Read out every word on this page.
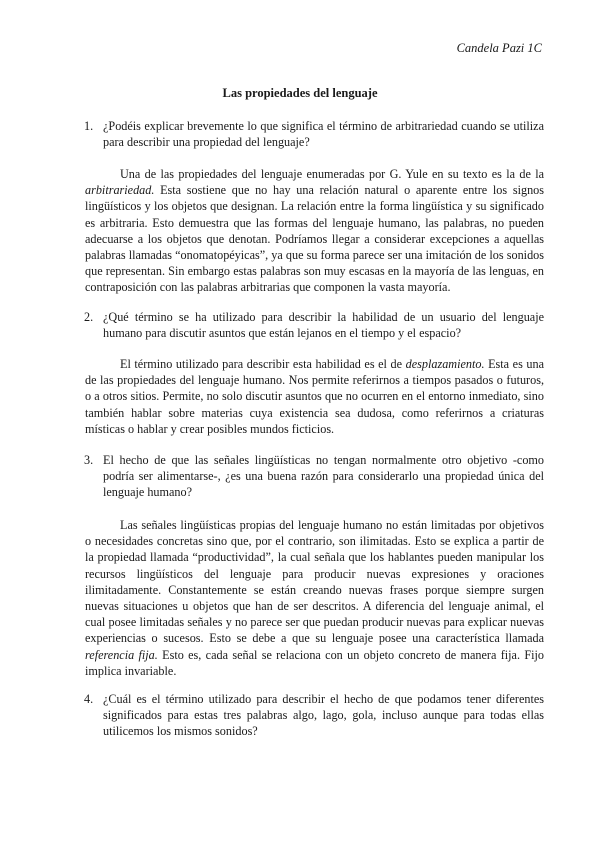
Candela Pazi 1C
Las propiedades del lenguaje
1. ¿Podéis explicar brevemente lo que significa el término de arbitrariedad cuando se utiliza para describir una propiedad del lenguaje?
Una de las propiedades del lenguaje enumeradas por G. Yule en su texto es la de la arbitrariedad. Esta sostiene que no hay una relación natural o aparente entre los signos lingüísticos y los objetos que designan. La relación entre la forma lingüística y su significado es arbitraria. Esto demuestra que las formas del lenguaje humano, las palabras, no pueden adecuarse a los objetos que denotan. Podríamos llegar a considerar excepciones a aquellas palabras llamadas “onomatopéyicas”, ya que su forma parece ser una imitación de los sonidos que representan. Sin embargo estas palabras son muy escasas en la mayoría de las lenguas, en contraposición con las palabras arbitrarias que componen la vasta mayoría.
2. ¿Qué término se ha utilizado para describir la habilidad de un usuario del lenguaje humano para discutir asuntos que están lejanos en el tiempo y el espacio?
El término utilizado para describir esta habilidad es el de desplazamiento. Esta es una de las propiedades del lenguaje humano. Nos permite referirnos a tiempos pasados o futuros, o a otros sitios. Permite, no solo discutir asuntos que no ocurren en el entorno inmediato, sino también hablar sobre materias cuya existencia sea dudosa, como referirnos a criaturas místicas o hablar y crear posibles mundos ficticios.
3. El hecho de que las señales lingüísticas no tengan normalmente otro objetivo -como podría ser alimentarse-, ¿es una buena razón para considerarlo una propiedad única del lenguaje humano?
Las señales lingüísticas propias del lenguaje humano no están limitadas por objetivos o necesidades concretas sino que, por el contrario, son ilimitadas. Esto se explica a partir de la propiedad llamada “productividad”, la cual señala que los hablantes pueden manipular los recursos lingüísticos del lenguaje para producir nuevas expresiones y oraciones ilimitadamente. Constantemente se están creando nuevas frases porque siempre surgen nuevas situaciones u objetos que han de ser descritos. A diferencia del lenguaje animal, el cual posee limitadas señales y no parece ser que puedan producir nuevas para explicar nuevas experiencias o sucesos. Esto se debe a que su lenguaje posee una característica llamada referencia fija. Esto es, cada señal se relaciona con un objeto concreto de manera fija. Fijo implica invariable.
4. ¿Cuál es el término utilizado para describir el hecho de que podamos tener diferentes significados para estas tres palabras algo, lago, gola, incluso aunque para todas ellas utilicemos los mismos sonidos?
